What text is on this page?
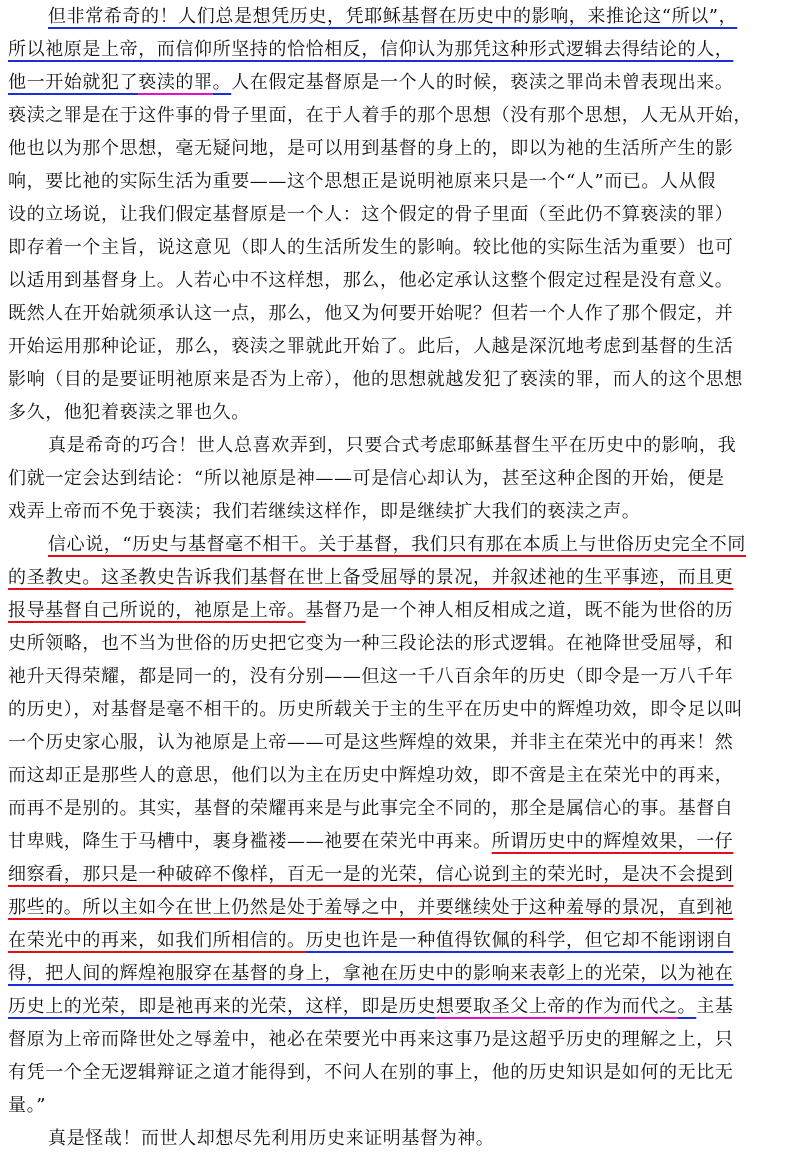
但非常希奇的！人们总是想凭历史，凭耶稣基督在历史中的影响，来推论这“所以”，
所以祂原是上帝，而信仰所坚持的恰恰相反，信仰认为那凭这种形式逻辑去得结论的人，
他一开始就犯了亵渎的罪。人在假定基督原是一个人的时候，亵渎之罪尚未曾表现出来。
亵渎之罪是在于这件事的骨子里面，在于人着手的那个思想（没有那个思想，人无从开始，
他也以为那个思想，毫无疑问地，是可以用到基督的身上的，即以为祂的生活所产生的影
响，要比祂的实际生活为重要——这个思想正是说明祂原来只是一个“人”而已。人从假
设的立场说，让我们假定基督原是一个人：这个假定的骨子里面（至此仍不算亵渎的罪）
即存着一个主旨，说这意见（即人的生活所发生的影响。较比他的实际生活为重要）也可
以适用到基督身上。人若心中不这样想，那么，他必定承认这整个假定过程是没有意义。
既然人在开始就须承认这一点，那么，他又为何要开始呢？但若一个人作了那个假定，并
开始运用那种论证，那么，亵渎之罪就此开始了。此后，人越是深沉地考虑到基督的生活
影响（目的是要证明祂原来是否为上帝），他的思想就越发犯了亵渎的罪，而人的这个思想
多久，他犯着亵渎之罪也久。
真是希奇的巧合！世人总喜欢弄到，只要合式考虑耶稣基督生平在历史中的影响，我
们就一定会达到结论：“所以祂原是神——可是信心却认为，甚至这种企图的开始，便是
戏弄上帝而不免于亵渎；我们若继续这样作，即是继续扩大我们的亵渎之声。
信心说，“历史与基督毫不相干。关于基督，我们只有那在本质上与世俗历史完全不同
的圣教史。这圣教史告诉我们基督在世上备受屈辱的景况，并叙述祂的生平事迹，而且更
报导基督自己所说的，祂原是上帝。基督乃是一个神人相反相成之道，既不能为世俗的历
史所领略，也不当为世俗的历史把它变为一种三段论法的形式逻辑。在祂降世受屈辱，和
祂升天得荣耀，都是同一的，没有分别——但这一千八百余年的历史（即令是一万八千年
的历史），对基督是毫不相干的。历史所载关于主的生平在历史中的辉煌功效，即令足以叫
一个历史家心服，认为祂原是上帝——可是这些辉煌的效果，并非主在荣光中的再来！然
而这却正是那些人的意思，他们以为主在历史中辉煌功效，即不啻是主在荣光中的再来，
而再不是别的。其实，基督的荣耀再来是与此事完全不同的，那全是属信心的事。基督自
甘卑贱，降生于马槽中，裹身褴褛——祂要在荣光中再来。所谓历史中的辉煌效果，一仔
细察看，那只是一种破碎不像样，百无一是的光荣，信心说到主的荣光时，是决不会提到
那些的。所以主如今在世上仍然是处于羞辱之中，并要继续处于这种羞辱的景况，直到祂
在荣光中的再来，如我们所相信的。历史也许是一种值得钦佩的科学，但它却不能诩诩自
得，把人间的辉煌袍服穿在基督的身上，拿祂在历史中的影响来表彰上的光荣，以为祂在
历史上的光荣，即是祂再来的光荣，这样，即是历史想要取圣父上帝的作为而代之。主基
督原为上帝而降世处之辱羞中，祂必在荣要光中再来这事乃是这超乎历史的理解之上，只
有凭一个全无逻辑辩证之道才能得到，不问人在别的事上，他的历史知识是如何的无比无
量。”
真是怪哉！而世人却想尽先利用历史来证明基督为神。
